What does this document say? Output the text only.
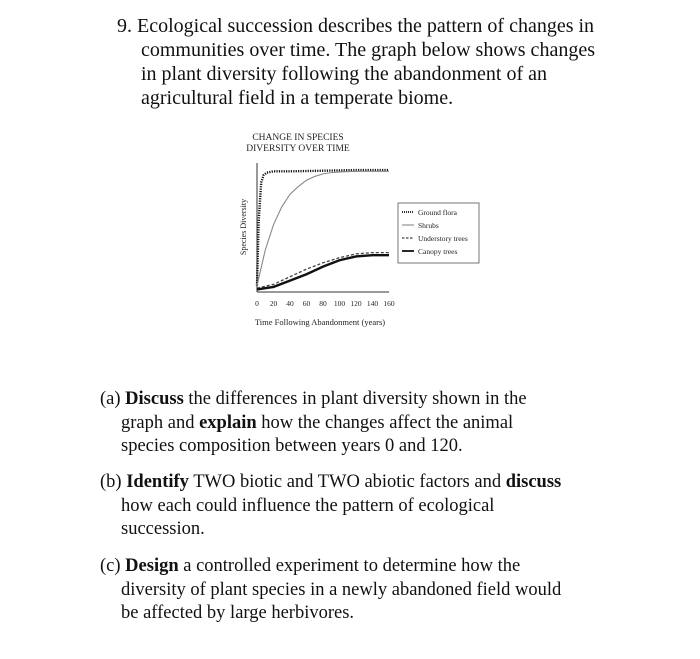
9. Ecological succession describes the pattern of changes in
communities over time. The graph below shows changes
in plant diversity following the abandonment of an
agricultural field in a temperate biome.
CHANGE IN SPECIES
DIVERSITY OVER TIME
Species Diversity
0 20 40 60 80 100 120 140 160
Time Following Abandonment (years)
Ground flora
Shrubs
Understory trees
Canopy trees
(a) Discuss the differences in plant diversity shown in the
graph and explain how the changes affect the animal
species composition between years 0 and 120.
(b) Identify TWO biotic and TWO abiotic factors and discuss
how each could influence the pattern of ecological
succession.
(c) Design a controlled experiment to determine how the
diversity of plant species in a newly abandoned field would
be affected by large herbivores.
